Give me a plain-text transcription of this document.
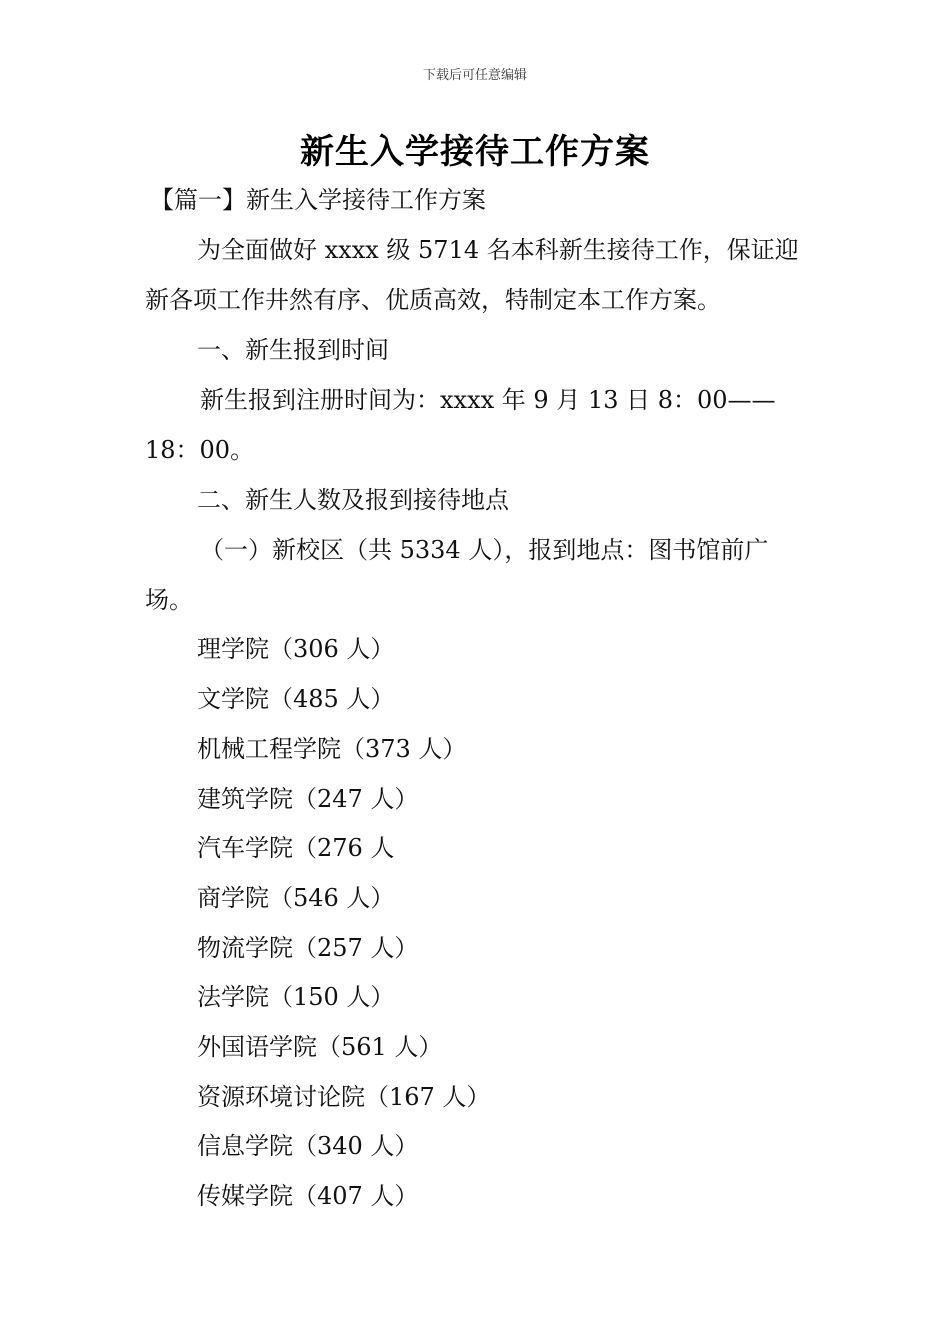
下载后可任意编辑
新生入学接待工作方案
【篇一】新生入学接待工作方案
为全面做好 xxxx 级 5714 名本科新生接待工作，保证迎
新各项工作井然有序、优质高效，特制定本工作方案。
一、新生报到时间
新生报到注册时间为：xxxx 年 9 月 13 日 8：00——
18：00。
二、新生人数及报到接待地点
（一）新校区（共 5334 人），报到地点：图书馆前广
场。
理学院（306 人）
文学院（485 人）
机械工程学院（373 人）
建筑学院（247 人）
汽车学院（276 人
商学院（546 人）
物流学院（257 人）
法学院（150 人）
外国语学院（561 人）
资源环境讨论院（167 人）
信息学院（340 人）
传媒学院（407 人）
